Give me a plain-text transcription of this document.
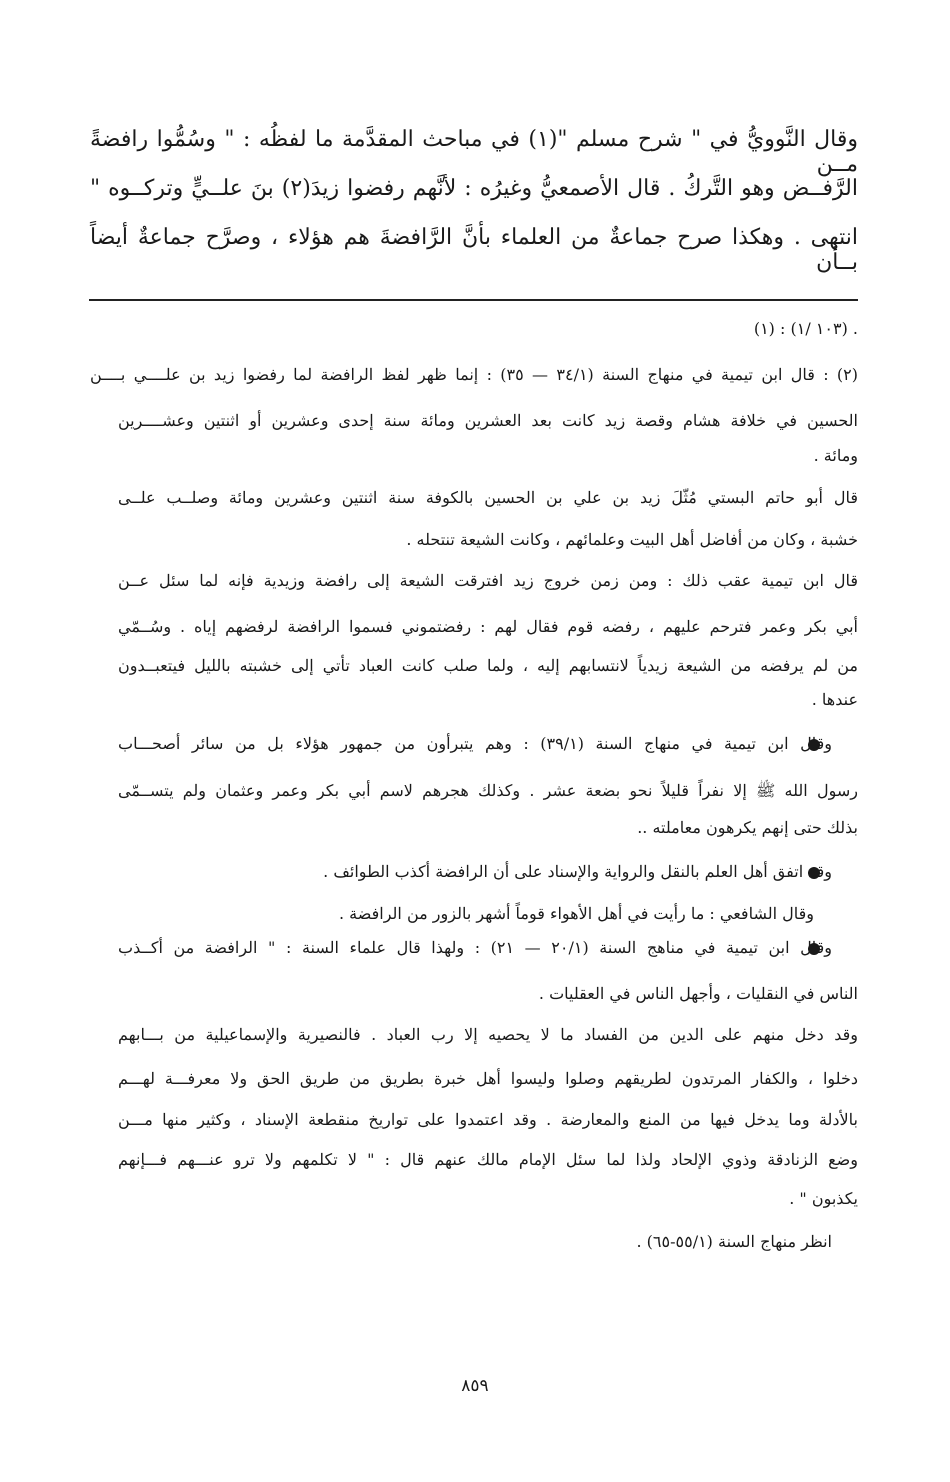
وقال النَّوويُّ في " شرح مسلم "(١) في مباحث المقدَّمة ما لفظُه : " وسُمُّوا رافضةً مــن
الرَّفــض وهو التَّركُ . قال الأصمعيُّ وغيرُه : لأنَّهم رفضوا زيدَ(٢) بنَ علــيٍّ وتركــوه "
انتهى . وهكذا صرح جماعةٌ من العلماء بأنَّ الرَّافضةَ هم هؤلاء ، وصرَّح جماعةٌ أيضاً بــأن
. (١٠٣ /١) : (١)
(٢) : قال ابن تيمية في منهاج السنة (٣٤/١ — ٣٥) : إنما ظهر لفظ الرافضة لما رفضوا زيد بن علــــي بــــن
الحسين في خلافة هشام وقصة زيد كانت بعد العشرين ومائة سنة إحدى وعشرين أو اثنتين وعشــــرين
ومائة .
قال أبو حاتم البستي مُثّلَ زيد بن علي بن الحسين بالكوفة سنة اثنتين وعشرين ومائة وصلــب علــى
خشبة ، وكان من أفاضل أهل البيت وعلمائهم ، وكانت الشيعة تنتحله .
قال ابن تيمية عقب ذلك : ومن زمن خروج زيد افترقت الشيعة إلى رافضة وزيدية فإنه لما سئل عــن
أبي بكر وعمر فترحم عليهم ، رفضه قوم فقال لهم : رفضتموني فسموا الرافضة لرفضهم إياه . وسُــمّي
من لم يرفضه من الشيعة زيدياً لانتسابهم إليه ، ولما صلب كانت العباد تأتي إلى خشبته بالليل فيتعبــدون
عندها .
وقال ابن تيمية في منهاج السنة (٣٩/١) : وهم يتبرأون من جمهور هؤلاء بل من سائر أصحـــاب
رسول الله ﷺ إلا نفراً قليلاً نحو بضعة عشر . وكذلك هجرهم لاسم أبي بكر وعمر وعثمان ولم يتســمّى
بذلك حتى إنهم يكرهون معاملته ..
وقد اتفق أهل العلم بالنقل والرواية والإسناد على أن الرافضة أكذب الطوائف .
وقال الشافعي : ما رأيت في أهل الأهواء قوماً أشهر بالزور من الرافضة .
وقال ابن تيمية في مناهج السنة (٢٠/١ — ٢١) : ولهذا قال علماء السنة : " الرافضة من أكــذب
الناس في النقليات ، وأجهل الناس في العقليات .
وقد دخل منهم على الدين من الفساد ما لا يحصيه إلا رب العباد . فالنصيرية والإسماعيلية من بـــابهم
دخلوا ، والكفار المرتدون لطريقهم وصلوا وليسوا أهل خبرة بطريق من طريق الحق ولا معرفـــة لهـــم
بالأدلة وما يدخل فيها من المنع والمعارضة . وقد اعتمدوا على تواريخ منقطعة الإسناد ، وكثير منها مـــن
وضع الزنادقة وذوي الإلحاد ولذا لما سئل الإمام مالك عنهم قال : " لا تكلمهم ولا ترو عنـــهم فـــإنهم
يكذبون " .
انظر منهاج السنة (٥٥/١-٦٥) .
٨٥٩
